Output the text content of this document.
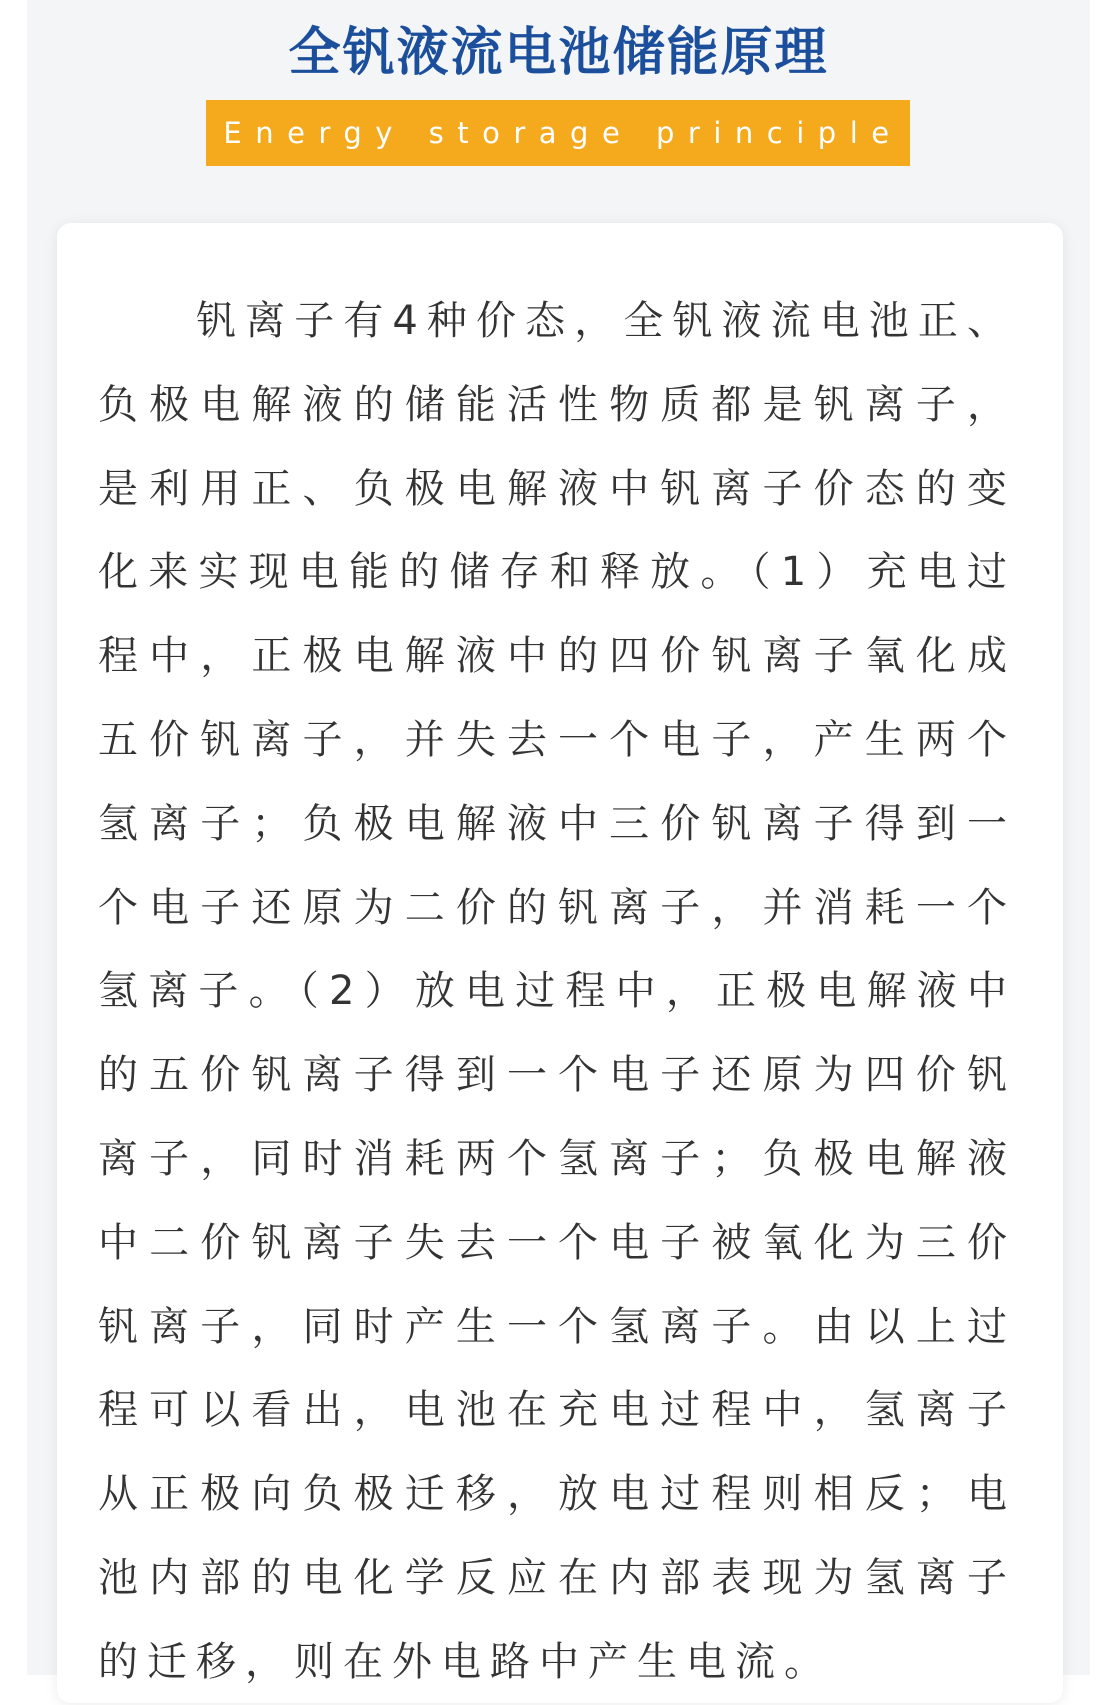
全钒液流电池储能原理
Energy storage principle

钒离子有4种价态，全钒液流电池正、负极电解液的储能活性物质都是钒离子，是利用正、负极电解液中钒离子价态的变化来实现电能的储存和释放。（1）充电过程中，正极电解液中的四价钒离子氧化成五价钒离子，并失去一个电子，产生两个氢离子；负极电解液中三价钒离子得到一个电子还原为二价的钒离子，并消耗一个氢离子。（2）放电过程中，正极电解液中的五价钒离子得到一个电子还原为四价钒离子，同时消耗两个氢离子；负极电解液中二价钒离子失去一个电子被氧化为三价钒离子，同时产生一个氢离子。由以上过程可以看出，电池在充电过程中，氢离子从正极向负极迁移，放电过程则相反；电池内部的电化学反应在内部表现为氢离子的迁移，则在外电路中产生电流。
